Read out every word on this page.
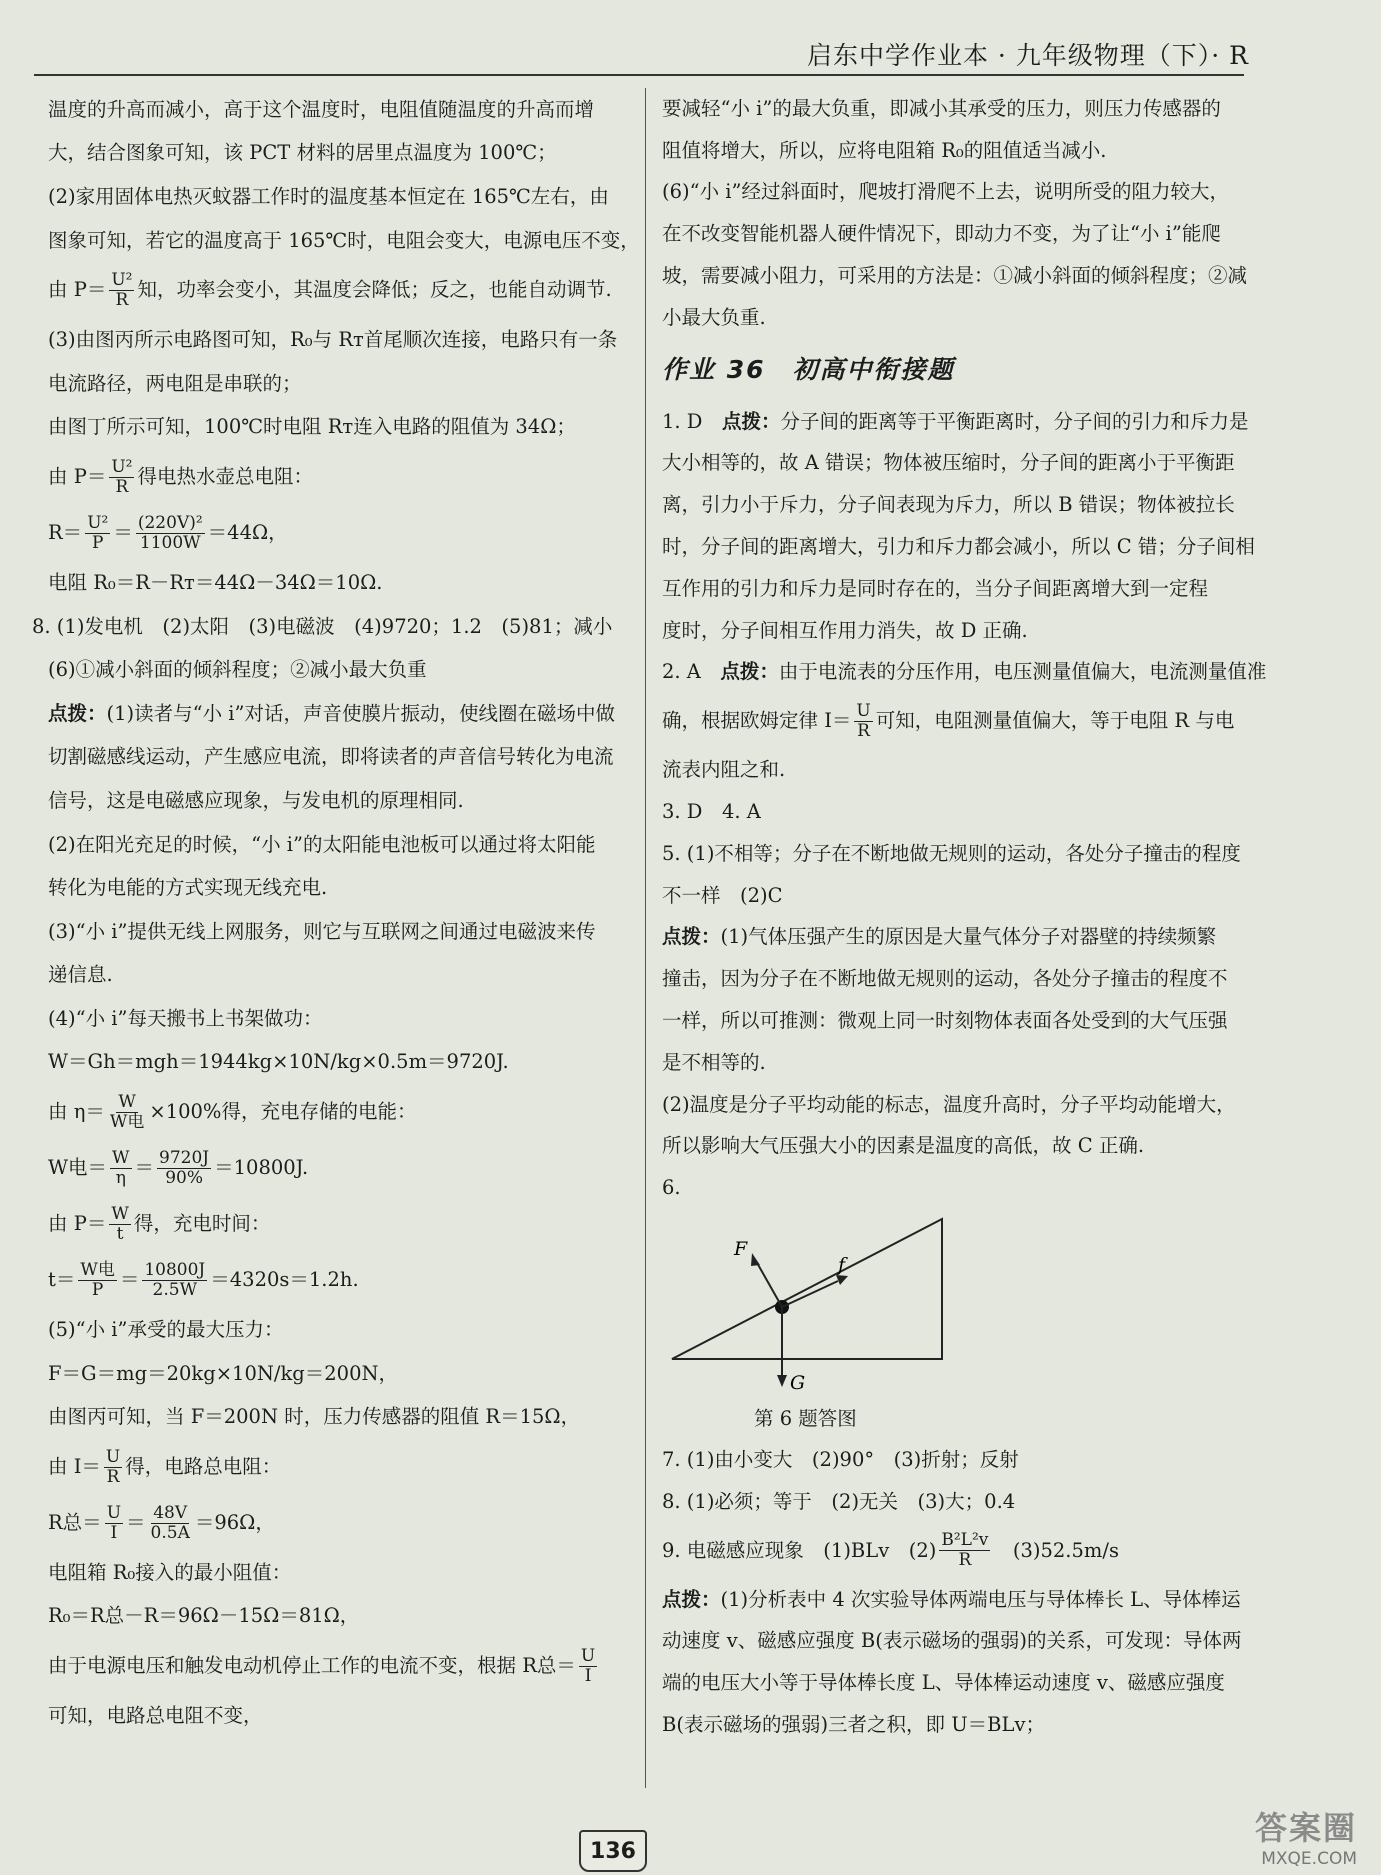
启东中学作业本 · 九年级物理（下）· R
温度的升高而减小，高于这个温度时，电阻值随温度的升高而增
大，结合图象可知，该 PCT 材料的居里点温度为 100℃；
(2)家用固体电热灭蚊器工作时的温度基本恒定在 165℃左右，由
图象可知，若它的温度高于 165℃时，电阻会变大，电源电压不变，
由 $P= \frac{\text{U²}}{R}$ 知，功率会变小，其温度会降低；反之，也能自动调节.
(3)由图丙所示电路图可知，R₀与 Rᴛ首尾顺次连接，电路只有一条
电流路径，两电阻是串联的；
由图丁所示可知，100℃时电阻 Rᴛ连入电路的阻值为 34Ω；
由 $P= \frac{\text{U²}}{R}$ 得电热水壶总电阻：
$R= \frac{\text{U²}}{P} = \frac{\text{(220V)²}}{1100W} =44\Omega$，
电阻 R₀＝R－Rᴛ＝44Ω－34Ω＝10Ω.
8. (1)发电机　(2)太阳　(3)电磁波　(4)9720；1.2　(5)81；减小
(6)①减小斜面的倾斜程度；②减小最大负重
点拨： (1)读者与“小 i”对话，声音使膜片振动，使线圈在磁场中做
切割磁感线运动，产生感应电流，即将读者的声音信号转化为电流
信号，这是电磁感应现象，与发电机的原理相同.
(2)在阳光充足的时候，“小 i”的太阳能电池板可以通过将太阳能
转化为电能的方式实现无线充电.
(3)“小 i”提供无线上网服务，则它与互联网之间通过电磁波来传
递信息.
(4)“小 i”每天搬书上书架做功：
W＝Gh＝mgh＝1944kg×10N/kg×0.5m＝9720J.
由 $\eta= \frac{W}{\text{W电}} \times 100\%$得，充电存储的电能：
W电＝ $\frac{W}{\eta} = \frac{9720J}{90\%} =10800J$.
由 $P= \frac{W}{t}$ 得，充电时间：
$t= \frac{\text{W电}}{P} = \frac{10800J}{2.5W} =4320s=1.2h$.
(5)“小 i”承受的最大压力：
F＝G＝mg＝20kg×10N/kg＝200N，
由图丙可知，当 F＝200N 时，压力传感器的阻值 R＝15Ω，
由 $I= \frac{U}{R}$ 得，电路总电阻：
R总＝ $\frac{U}{I} = \frac{48V}{0.5A} =96\Omega$，
电阻箱 R₀接入的最小阻值：
R₀＝R总－R＝96Ω－15Ω＝81Ω，
由于电源电压和触发电动机停止工作的电流不变，根据 R总＝ $\frac{U}{I}$
可知，电路总电阻不变，
要减轻“小 i”的最大负重，即减小其承受的压力，则压力传感器的
阻值将增大，所以，应将电阻箱 R₀的阻值适当减小.
(6)“小 i”经过斜面时，爬坡打滑爬不上去，说明所受的阻力较大，
在不改变智能机器人硬件情况下，即动力不变，为了让“小 i”能爬
坡，需要减小阻力，可采用的方法是：①减小斜面的倾斜程度；②减
小最大负重.
作业 36　初高中衔接题
1. D　 点拨： 分子间的距离等于平衡距离时，分子间的引力和斥力是
大小相等的，故 A 错误；物体被压缩时，分子间的距离小于平衡距
离，引力小于斥力，分子间表现为斥力，所以 B 错误；物体被拉长
时，分子间的距离增大，引力和斥力都会减小，所以 C 错；分子间相
互作用的引力和斥力是同时存在的，当分子间距离增大到一定程
度时，分子间相互作用力消失，故 D 正确.
2. A　 点拨： 由于电流表的分压作用，电压测量值偏大，电流测量值准
确，根据欧姆定律 $I= \frac{U}{R}$ 可知，电阻测量值偏大，等于电阻 R 与电
流表内阻之和.
3. D　4. A
5. (1)不相等；分子在不断地做无规则的运动，各处分子撞击的程度
不一样　(2)C
点拨： (1)气体压强产生的原因是大量气体分子对器壁的持续频繁
撞击，因为分子在不断地做无规则的运动，各处分子撞击的程度不
一样，所以可推测：微观上同一时刻物体表面各处受到的大气压强
是不相等的.
(2)温度是分子平均动能的标志，温度升高时，分子平均动能增大，
所以影响大气压强大小的因素是温度的高低，故 C 正确.
6.
F
f
G
第 6 题答图
7. (1)由小变大　(2)90°　(3)折射；反射
8. (1)必须；等于　(2)无关　(3)大；0.4
9. 电磁感应现象　(1)BLv　$(2) \frac{\text{B²L²v}}{R}$ 　(3)52.5m/s
点拨： (1)分析表中 4 次实验导体两端电压与导体棒长 L、导体棒运
动速度 v、磁感应强度 B(表示磁场的强弱)的关系，可发现：导体两
端的电压大小等于导体棒长度 L、导体棒运动速度 v、磁感应强度
B(表示磁场的强弱)三者之积，即 U＝BLv；
136
答案圈
MXQE.COM
